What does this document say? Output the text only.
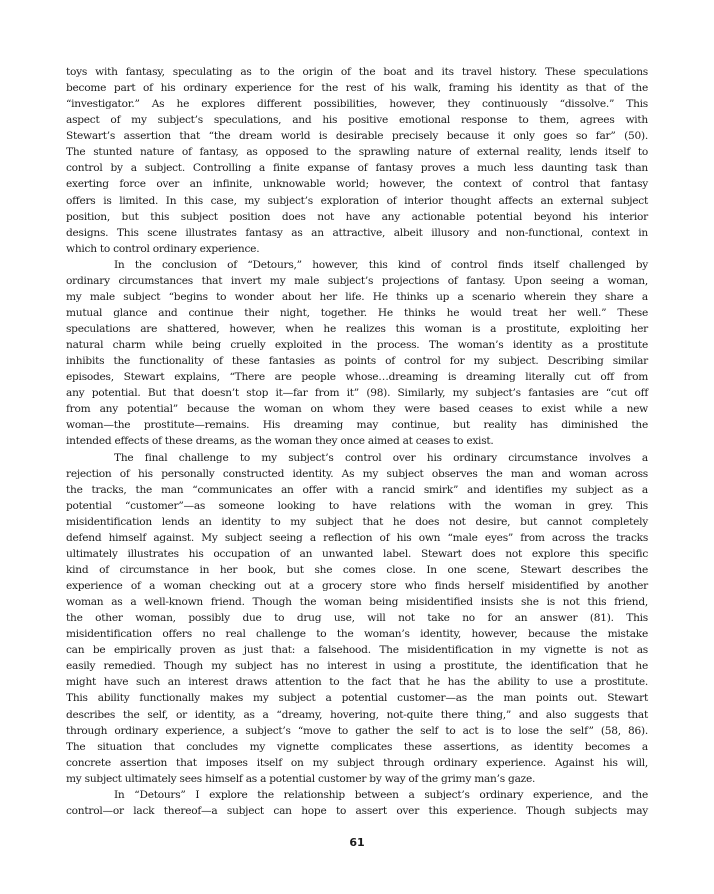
toys with fantasy, speculating as to the origin of the boat and its travel history. These speculations
become part of his ordinary experience for the rest of his walk, framing his identity as that of the
“investigator.” As he explores different possibilities, however, they continuously “dissolve.” This
aspect of my subject’s speculations, and his positive emotional response to them, agrees with
Stewart’s assertion that “the dream world is desirable precisely because it only goes so far” (50).
The stunted nature of fantasy, as opposed to the sprawling nature of external reality, lends itself to
control by a subject. Controlling a finite expanse of fantasy proves a much less daunting task than
exerting force over an infinite, unknowable world; however, the context of control that fantasy
offers is limited. In this case, my subject’s exploration of interior thought affects an external subject
position, but this subject position does not have any actionable potential beyond his interior
designs. This scene illustrates fantasy as an attractive, albeit illusory and non-functional, context in
which to control ordinary experience.
In the conclusion of “Detours,” however, this kind of control finds itself challenged by
ordinary circumstances that invert my male subject’s projections of fantasy. Upon seeing a woman,
my male subject “begins to wonder about her life. He thinks up a scenario wherein they share a
mutual glance and continue their night, together. He thinks he would treat her well.” These
speculations are shattered, however, when he realizes this woman is a prostitute, exploiting her
natural charm while being cruelly exploited in the process. The woman’s identity as a prostitute
inhibits the functionality of these fantasies as points of control for my subject. Describing similar
episodes, Stewart explains, “There are people whose…dreaming is dreaming literally cut off from
any potential. But that doesn’t stop it—far from it” (98). Similarly, my subject’s fantasies are “cut off
from any potential” because the woman on whom they were based ceases to exist while a new
woman—the prostitute—remains. His dreaming may continue, but reality has diminished the
intended effects of these dreams, as the woman they once aimed at ceases to exist.
The final challenge to my subject’s control over his ordinary circumstance involves a
rejection of his personally constructed identity. As my subject observes the man and woman across
the tracks, the man “communicates an offer with a rancid smirk” and identifies my subject as a
potential “customer”—as someone looking to have relations with the woman in grey. This
misidentification lends an identity to my subject that he does not desire, but cannot completely
defend himself against. My subject seeing a reflection of his own “male eyes” from across the tracks
ultimately illustrates his occupation of an unwanted label. Stewart does not explore this specific
kind of circumstance in her book, but she comes close. In one scene, Stewart describes the
experience of a woman checking out at a grocery store who finds herself misidentified by another
woman as a well-known friend. Though the woman being misidentified insists she is not this friend,
the other woman, possibly due to drug use, will not take no for an answer (81). This
misidentification offers no real challenge to the woman’s identity, however, because the mistake
can be empirically proven as just that: a falsehood. The misidentification in my vignette is not as
easily remedied. Though my subject has no interest in using a prostitute, the identification that he
might have such an interest draws attention to the fact that he has the ability to use a prostitute.
This ability functionally makes my subject a potential customer—as the man points out. Stewart
describes the self, or identity, as a “dreamy, hovering, not-quite there thing,” and also suggests that
through ordinary experience, a subject’s “move to gather the self to act is to lose the self” (58, 86).
The situation that concludes my vignette complicates these assertions, as identity becomes a
concrete assertion that imposes itself on my subject through ordinary experience. Against his will,
my subject ultimately sees himself as a potential customer by way of the grimy man’s gaze.
In “Detours” I explore the relationship between a subject’s ordinary experience, and the
control—or lack thereof—a subject can hope to assert over this experience. Though subjects may
61
